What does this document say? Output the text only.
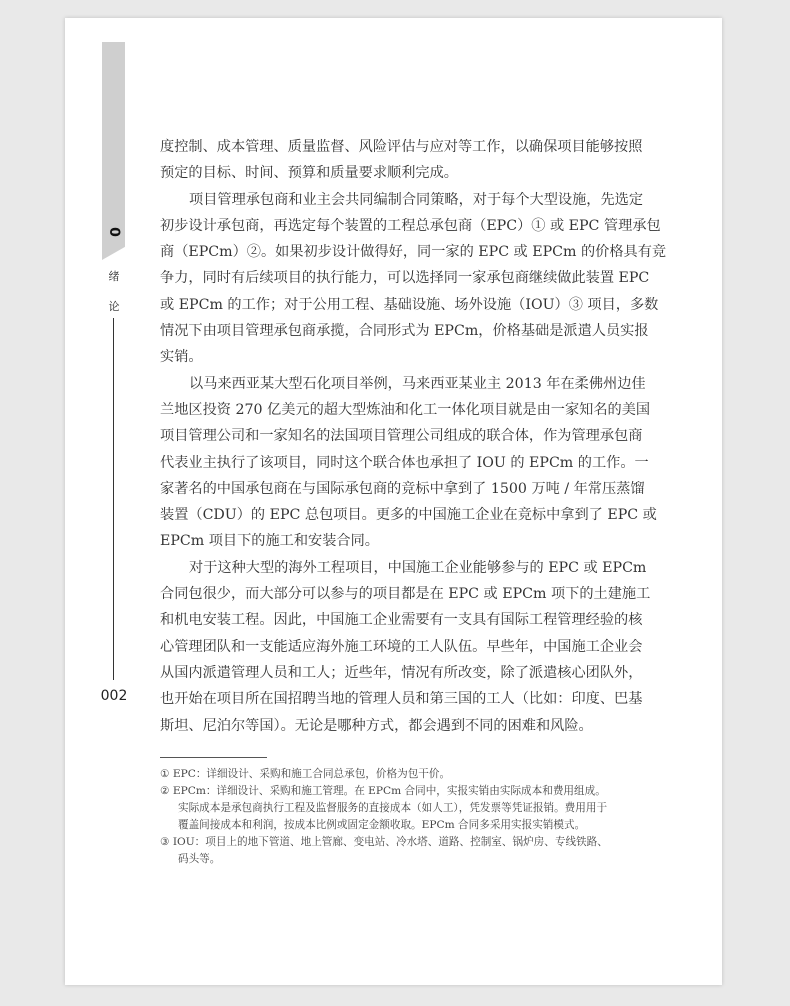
0
绪
论
002
度控制、成本管理、质量监督、风险评估与应对等工作，以确保项目能够按照
预定的目标、时间、预算和质量要求顺利完成。
项目管理承包商和业主会共同编制合同策略，对于每个大型设施，先选定
初步设计承包商，再选定每个装置的工程总承包商（EPC）① 或 EPC 管理承包
商（EPCm）②。如果初步设计做得好，同一家的 EPC 或 EPCm 的价格具有竞
争力，同时有后续项目的执行能力，可以选择同一家承包商继续做此装置 EPC
或 EPCm 的工作；对于公用工程、基础设施、场外设施（IOU）③ 项目，多数
情况下由项目管理承包商承揽，合同形式为 EPCm，价格基础是派遣人员实报
实销。
以马来西亚某大型石化项目举例，马来西亚某业主 2013 年在柔佛州边佳
兰地区投资 270 亿美元的超大型炼油和化工一体化项目就是由一家知名的美国
项目管理公司和一家知名的法国项目管理公司组成的联合体，作为管理承包商
代表业主执行了该项目，同时这个联合体也承担了 IOU 的 EPCm 的工作。一
家著名的中国承包商在与国际承包商的竞标中拿到了 1500 万吨 / 年常压蒸馏
装置（CDU）的 EPC 总包项目。更多的中国施工企业在竞标中拿到了 EPC 或
EPCm 项目下的施工和安装合同。
对于这种大型的海外工程项目，中国施工企业能够参与的 EPC 或 EPCm
合同包很少，而大部分可以参与的项目都是在 EPC 或 EPCm 项下的土建施工
和机电安装工程。因此，中国施工企业需要有一支具有国际工程管理经验的核
心管理团队和一支能适应海外施工环境的工人队伍。早些年，中国施工企业会
从国内派遣管理人员和工人；近些年，情况有所改变，除了派遣核心团队外，
也开始在项目所在国招聘当地的管理人员和第三国的工人（比如：印度、巴基
斯坦、尼泊尔等国）。无论是哪种方式，都会遇到不同的困难和风险。
① EPC：详细设计、采购和施工合同总承包，价格为包干价。
② EPCm：详细设计、采购和施工管理。在 EPCm 合同中，实报实销由实际成本和费用组成。
实际成本是承包商执行工程及监督服务的直接成本（如人工），凭发票等凭证报销。费用用于
覆盖间接成本和利润，按成本比例或固定金额收取。EPCm 合同多采用实报实销模式。
③ IOU：项目上的地下管道、地上管廊、变电站、冷水塔、道路、控制室、锅炉房、专线铁路、
码头等。
